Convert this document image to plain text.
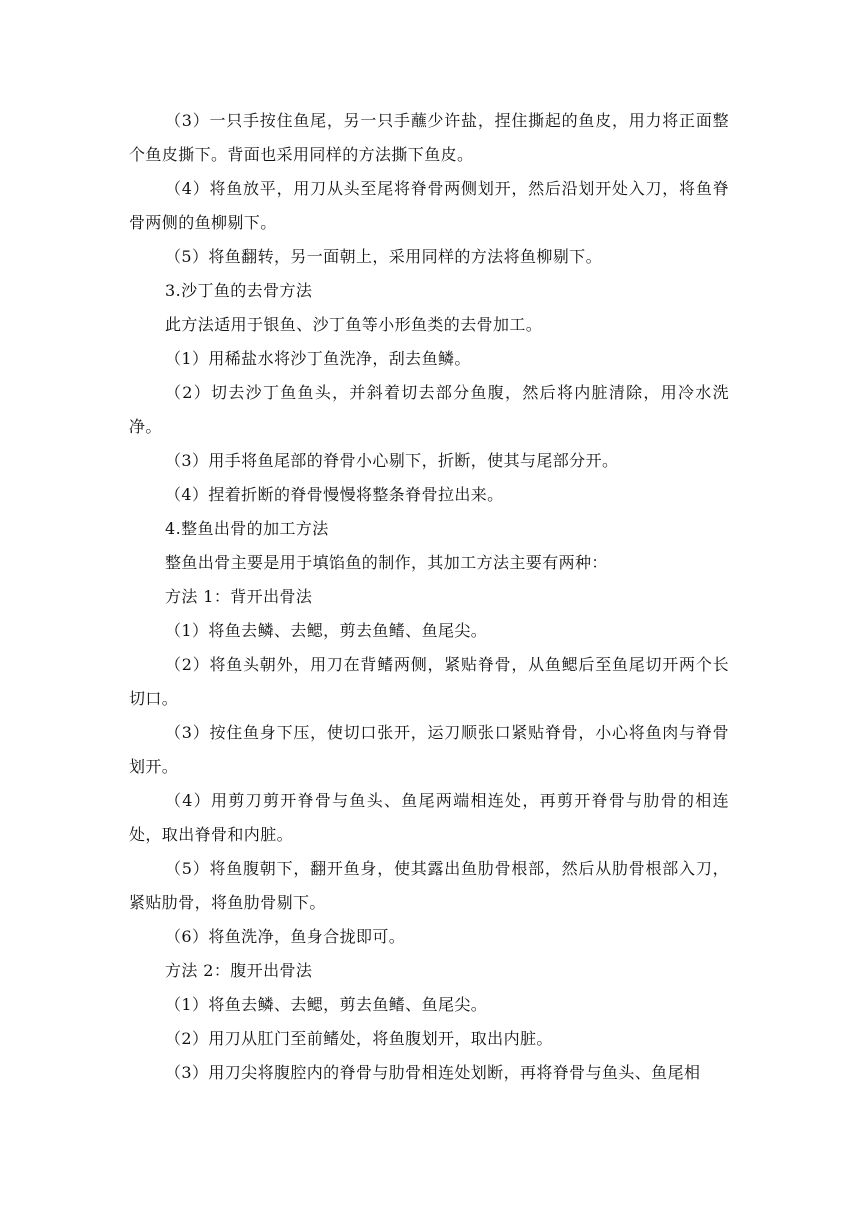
（3）一只手按住鱼尾，另一只手蘸少许盐，捏住撕起的鱼皮，用力将正面整个鱼皮撕下。背面也采用同样的方法撕下鱼皮。

（4）将鱼放平，用刀从头至尾将脊骨两侧划开，然后沿划开处入刀，将鱼脊骨两侧的鱼柳剔下。

（5）将鱼翻转，另一面朝上，采用同样的方法将鱼柳剔下。

3.沙丁鱼的去骨方法

此方法适用于银鱼、沙丁鱼等小形鱼类的去骨加工。

（1）用稀盐水将沙丁鱼洗净，刮去鱼鳞。

（2）切去沙丁鱼鱼头，并斜着切去部分鱼腹，然后将内脏清除，用冷水洗净。

（3）用手将鱼尾部的脊骨小心剔下，折断，使其与尾部分开。

（4）捏着折断的脊骨慢慢将整条脊骨拉出来。

4.整鱼出骨的加工方法

整鱼出骨主要是用于填馅鱼的制作，其加工方法主要有两种：

方法 1：背开出骨法

（1）将鱼去鳞、去鳃，剪去鱼鳍、鱼尾尖。

（2）将鱼头朝外，用刀在背鳍两侧，紧贴脊骨，从鱼鳃后至鱼尾切开两个长切口。

（3）按住鱼身下压，使切口张开，运刀顺张口紧贴脊骨，小心将鱼肉与脊骨划开。

（4）用剪刀剪开脊骨与鱼头、鱼尾两端相连处，再剪开脊骨与肋骨的相连处，取出脊骨和内脏。

（5）将鱼腹朝下，翻开鱼身，使其露出鱼肋骨根部，然后从肋骨根部入刀，紧贴肋骨，将鱼肋骨剔下。

（6）将鱼洗净，鱼身合拢即可。

方法 2：腹开出骨法

（1）将鱼去鳞、去鳃，剪去鱼鳍、鱼尾尖。

（2）用刀从肛门至前鳍处，将鱼腹划开，取出内脏。

（3）用刀尖将腹腔内的脊骨与肋骨相连处划断，再将脊骨与鱼头、鱼尾相
